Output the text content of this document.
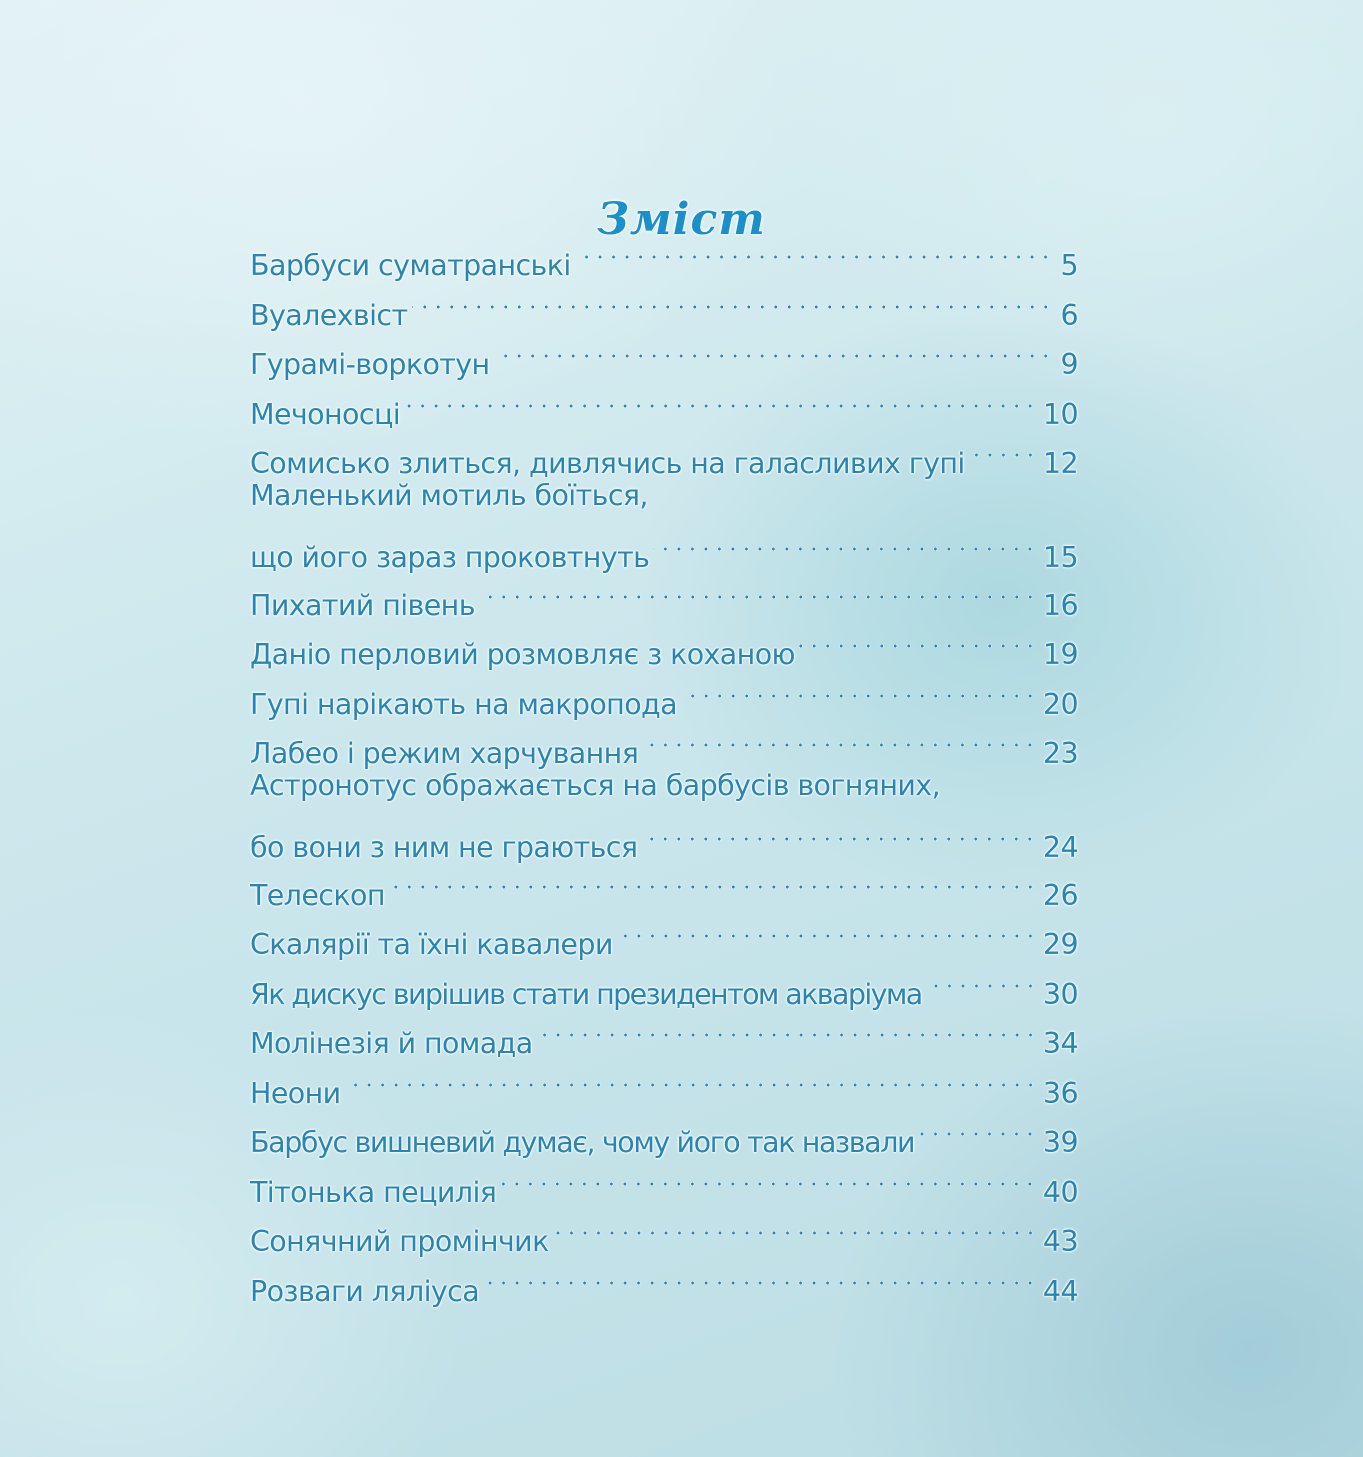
Зміст
Барбуси суматранські	5
Вуалехвіст	6
Гурамі-воркотун	9
Мечоносці	10
Сомисько злиться, дивлячись на галасливих гупі	12
Маленький мотиль боїться,
що його зараз проковтнуть	15
Пихатий півень	16
Даніо перловий розмовляє з коханою	19
Гупі нарікають на макропода	20
Лабео і режим харчування	23
Астронотус ображається на барбусів вогняних,
бо вони з ним не граються	24
Телескоп	26
Скалярії та їхні кавалери	29
Як дискус вирішив стати президентом акваріума	30
Молінезія й помада	34
Неони	36
Барбус вишневий думає, чому його так назвали	39
Тітонька пецилія	40
Сонячний промінчик	43
Розваги ляліуса	44
